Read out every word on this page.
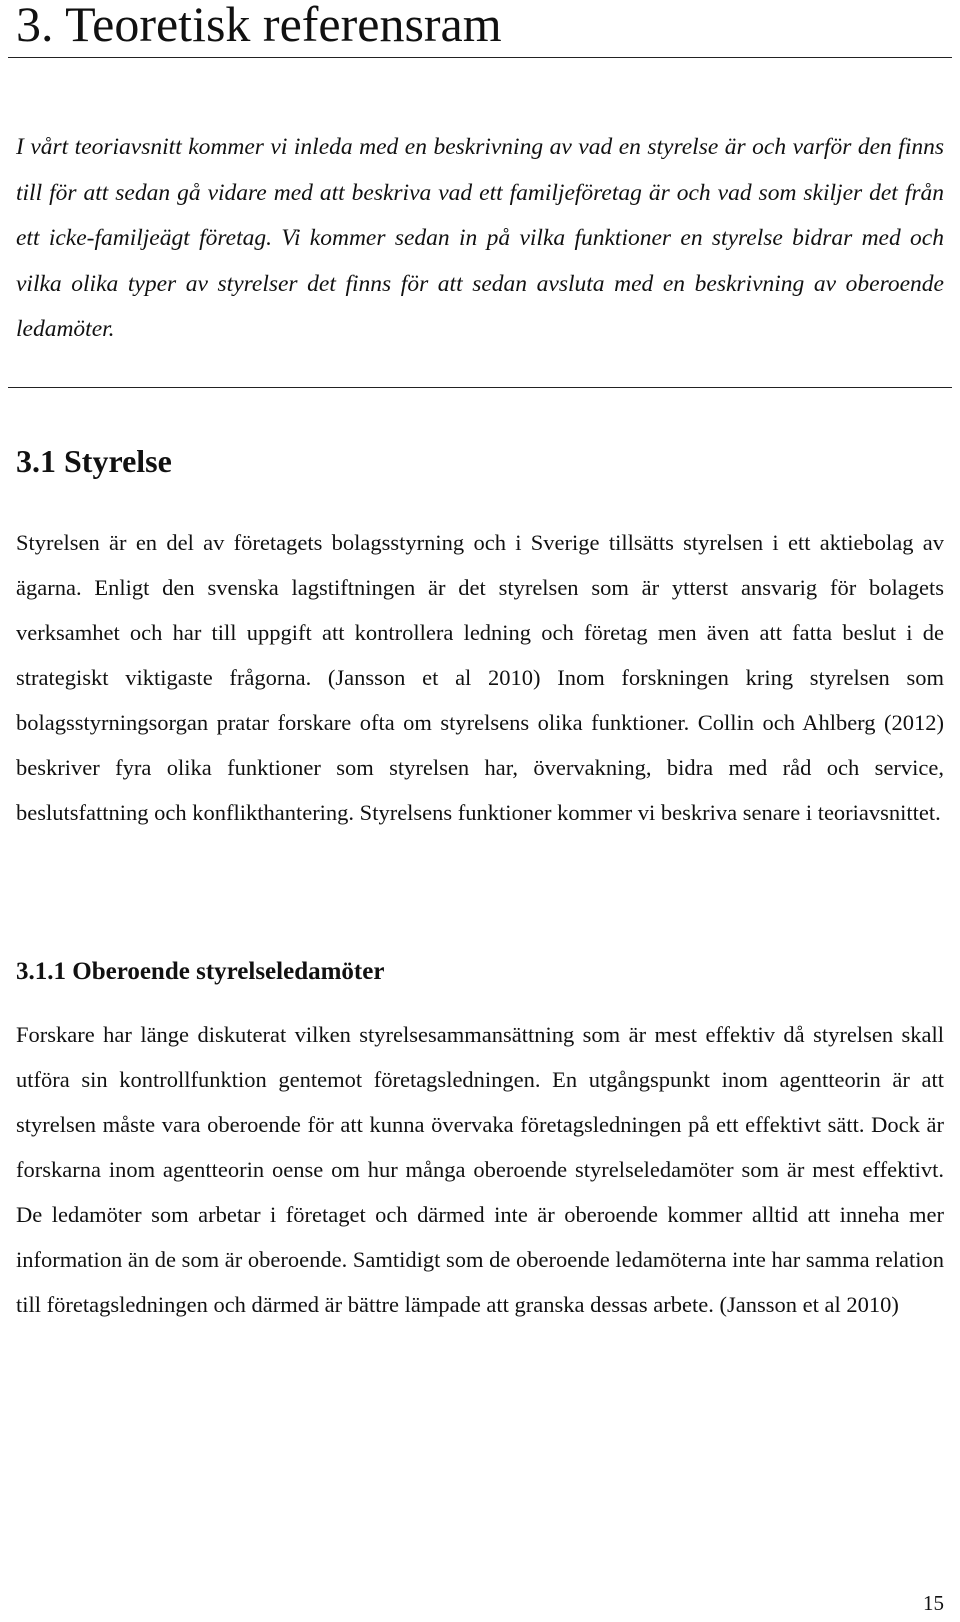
3. Teoretisk referensram

I vårt teoriavsnitt kommer vi inleda med en beskrivning av vad en styrelse är och varför den finns till för att sedan gå vidare med att beskriva vad ett familjeföretag är och vad som skiljer det från ett icke-familjeägt företag. Vi kommer sedan in på vilka funktioner en styrelse bidrar med och vilka olika typer av styrelser det finns för att sedan avsluta med en beskrivning av oberoende ledamöter.

3.1 Styrelse

Styrelsen är en del av företagets bolagsstyrning och i Sverige tillsätts styrelsen i ett aktiebolag av ägarna. Enligt den svenska lagstiftningen är det styrelsen som är ytterst ansvarig för bolagets verksamhet och har till uppgift att kontrollera ledning och företag men även att fatta beslut i de strategiskt viktigaste frågorna. (Jansson et al 2010) Inom forskningen kring styrelsen som bolagsstyrningsorgan pratar forskare ofta om styrelsens olika funktioner. Collin och Ahlberg (2012) beskriver fyra olika funktioner som styrelsen har, övervakning, bidra med råd och service, beslutsfattning och konflikthantering. Styrelsens funktioner kommer vi beskriva senare i teoriavsnittet.

3.1.1 Oberoende styrelseledamöter

Forskare har länge diskuterat vilken styrelsesammansättning som är mest effektiv då styrelsen skall utföra sin kontrollfunktion gentemot företagsledningen. En utgångspunkt inom agentteorin är att styrelsen måste vara oberoende för att kunna övervaka företagsledningen på ett effektivt sätt. Dock är forskarna inom agentteorin oense om hur många oberoende styrelseledamöter som är mest effektivt. De ledamöter som arbetar i företaget och därmed inte är oberoende kommer alltid att inneha mer information än de som är oberoende. Samtidigt som de oberoende ledamöterna inte har samma relation till företagsledningen och därmed är bättre lämpade att granska dessas arbete. (Jansson et al 2010)

15
